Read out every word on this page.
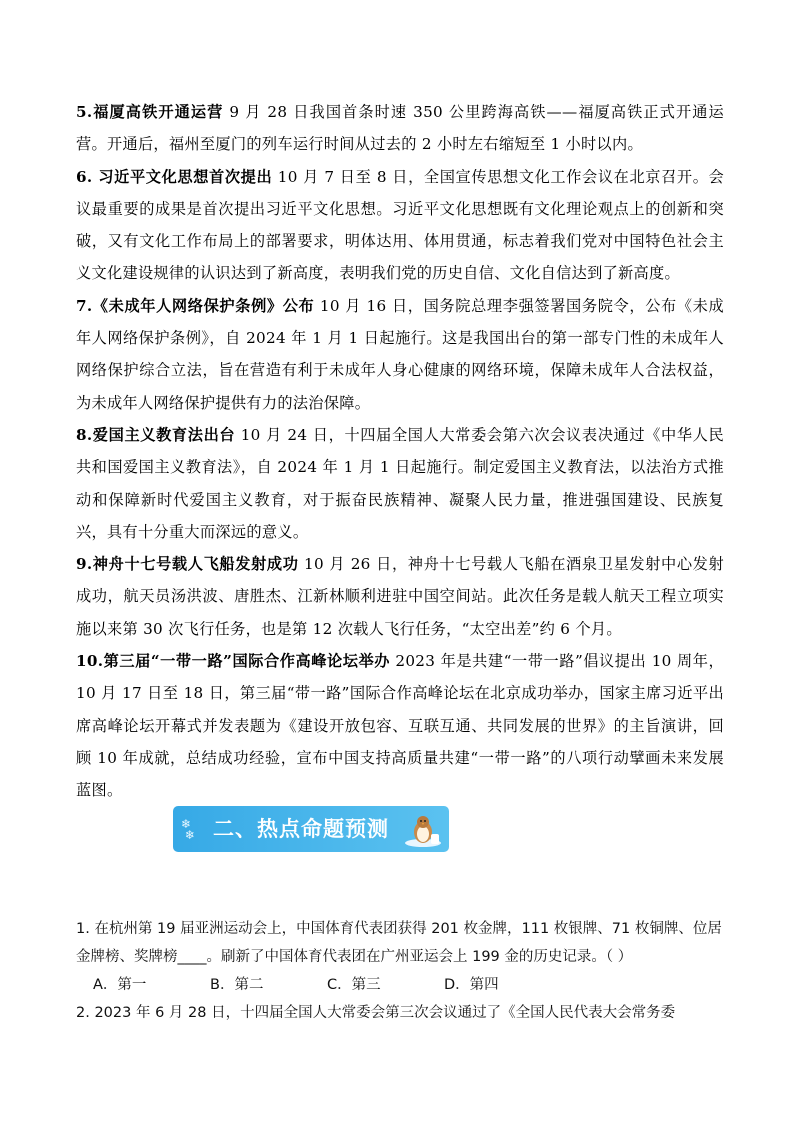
5.福厦高铁开通运营 9 月 28 日我国首条时速 350 公里跨海高铁——福厦高铁正式开通运营。开通后，福州至厦门的列车运行时间从过去的 2 小时左右缩短至 1 小时以内。

6. 习近平文化思想首次提出 10 月 7 日至 8 日，全国宣传思想文化工作会议在北京召开。会议最重要的成果是首次提出习近平文化思想。习近平文化思想既有文化理论观点上的创新和突破，又有文化工作布局上的部署要求，明体达用、体用贯通，标志着我们党对中国特色社会主义文化建设规律的认识达到了新高度，表明我们党的历史自信、文化自信达到了新高度。

7.《未成年人网络保护条例》公布 10 月 16 日，国务院总理李强签署国务院令，公布《未成年人网络保护条例》，自 2024 年 1 月 1 日起施行。这是我国出台的第一部专门性的未成年人网络保护综合立法，旨在营造有利于未成年人身心健康的网络环境，保障未成年人合法权益，为未成年人网络保护提供有力的法治保障。

8.爱国主义教育法出台 10 月 24 日，十四届全国人大常委会第六次会议表决通过《中华人民共和国爱国主义教育法》，自 2024 年 1 月 1 日起施行。制定爱国主义教育法，以法治方式推动和保障新时代爱国主义教育，对于振奋民族精神、凝聚人民力量，推进强国建设、民族复兴，具有十分重大而深远的意义。

9.神舟十七号载人飞船发射成功 10 月 26 日，神舟十七号载人飞船在酒泉卫星发射中心发射成功，航天员汤洪波、唐胜杰、江新林顺利进驻中国空间站。此次任务是载人航天工程立项实施以来第 30 次飞行任务，也是第 12 次载人飞行任务，“太空出差”约 6 个月。

10.第三届“一带一路”国际合作高峰论坛举办 2023 年是共建“一带一路”倡议提出 10 周年，10 月 17 日至 18 日，第三届“带一路”国际合作高峰论坛在北京成功举办，国家主席习近平出席高峰论坛开幕式并发表题为《建设开放包容、互联互通、共同发展的世界》的主旨演讲，回顾 10 年成就，总结成功经验，宣布中国支持高质量共建“一带一路”的八项行动擘画未来发展蓝图。

❄
❄ 二、热点命题预测

1. 在杭州第 19 届亚洲运动会上，中国体育代表团获得 201 枚金牌，111 枚银牌、71 枚铜牌、位居金牌榜、奖牌榜____。刷新了中国体育代表团在广州亚运会上 199 金的历史记录。（ ）

A．第一	B．第二	C．第三	D．第四

2. 2023 年 6 月 28 日，十四届全国人大常委会第三次会议通过了《全国人民代表大会常务委
